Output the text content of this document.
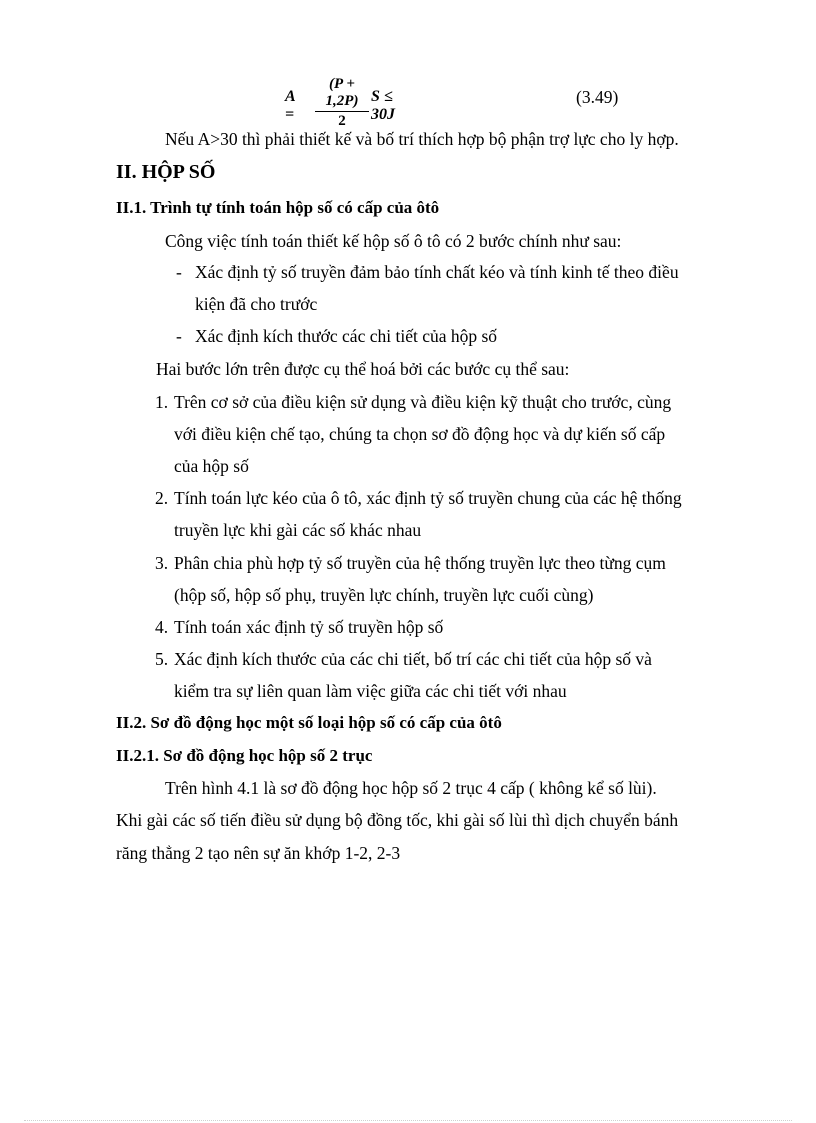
$A = \frac{(P + 1,2P)}{2}$ S ≤ 30J
(3.49)
Nếu A>30 thì phải thiết kế và bố trí thích hợp bộ phận trợ lực cho ly hợp.
II. HỘP SỐ
II.1. Trình tự tính toán hộp số có cấp của ôtô
Công việc tính toán thiết kế hộp số ô tô có 2 bước chính như sau:
- Xác định tỷ số truyền đảm bảo tính chất kéo và tính kinh tế theo điều
kiện đã cho trước
- Xác định kích thước các chi tiết của hộp số
Hai bước lớn trên được cụ thể hoá bởi các bước cụ thể sau:
1. Trên cơ sở của điều kiện sử dụng và điều kiện kỹ thuật cho trước, cùng
với điều kiện chế tạo, chúng ta chọn sơ đồ động học và dự kiến số cấp
của hộp số
2. Tính toán lực kéo của ô tô, xác định tỷ số truyền chung của các hệ thống
truyền lực khi gài các số khác nhau
3. Phân chia phù hợp tỷ số truyền của hệ thống truyền lực theo từng cụm
(hộp số, hộp số phụ, truyền lực chính, truyền lực cuối cùng)
4. Tính toán xác định tỷ số truyền hộp số
5. Xác định kích thước của các chi tiết, bố trí các chi tiết của hộp số và
kiểm tra sự liên quan làm việc giữa các chi tiết với nhau
II.2. Sơ đồ động học một số loại hộp số có cấp của ôtô
II.2.1. Sơ đồ động học hộp số 2 trục
Trên hình 4.1 là sơ đồ động học hộp số 2 trục 4 cấp ( không kể số lùi).
Khi gài các số tiến điều sử dụng bộ đồng tốc, khi gài số lùi thì dịch chuyển bánh
răng thẳng 2 tạo nên sự ăn khớp 1-2, 2-3
